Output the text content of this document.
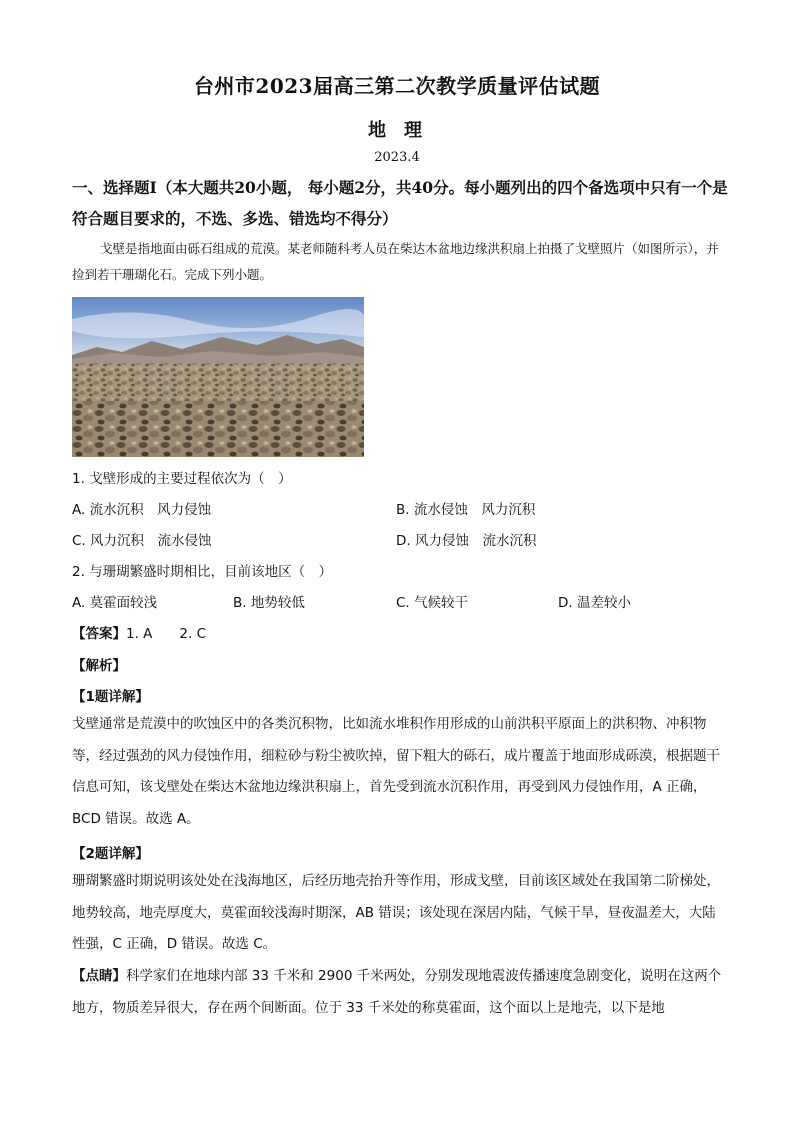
台州市2023届高三第二次教学质量评估试题
地理
2023.4
一、选择题Ⅰ（本大题共20小题， 每小题2分，共40分。每小题列出的四个备选项中只有一个是符合题目要求的，不选、多选、错选均不得分）
戈壁是指地面由砾石组成的荒漠。某老师随科考人员在柴达木盆地边缘洪积扇上拍摄了戈壁照片（如图所示），并捡到若干珊瑚化石。完成下列小题。
1. 戈壁形成的主要过程依次为（　）
A. 流水沉积　风力侵蚀	B. 流水侵蚀　风力沉积
C. 风力沉积　流水侵蚀	D. 风力侵蚀　流水沉积
2. 与珊瑚繁盛时期相比，目前该地区（　）
A. 莫霍面较浅	B. 地势较低	C. 气候较干	D. 温差较小
【答案】1. A　　2. C
【解析】
【1题详解】
戈壁通常是荒漠中的吹蚀区中的各类沉积物，比如流水堆积作用形成的山前洪积平原面上的洪积物、冲积物等，经过强劲的风力侵蚀作用，细粒砂与粉尘被吹掉，留下粗大的砾石，成片覆盖于地面形成砾漠，根据题干信息可知，该戈壁处在柴达木盆地边缘洪积扇上，首先受到流水沉积作用，再受到风力侵蚀作用，A 正确，BCD 错误。故选 A。
【2题详解】
珊瑚繁盛时期说明该处处在浅海地区，后经历地壳抬升等作用，形成戈壁，目前该区域处在我国第二阶梯处，地势较高，地壳厚度大，莫霍面较浅海时期深，AB 错误；该处现在深居内陆，气候干旱，昼夜温差大，大陆性强，C 正确，D 错误。故选 C。
【点睛】科学家们在地球内部 33 千米和 2900 千米两处，分别发现地震波传播速度急剧变化，说明在这两个地方，物质差异很大，存在两个间断面。位于 33 千米处的称莫霍面，这个面以上是地壳，以下是地
